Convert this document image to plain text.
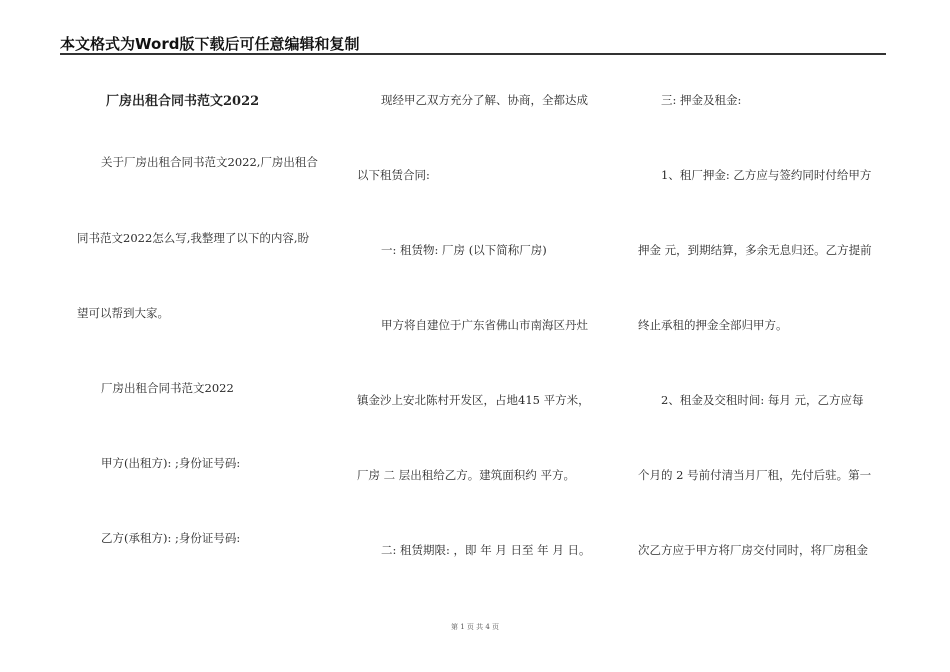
本文格式为Word版下载后可任意编辑和复制
厂房出租合同书范文2022
关于厂房出租合同书范文2022,厂房出租合
同书范文2022怎么写,我整理了以下的内容,盼
望可以帮到大家。
厂房出租合同书范文2022
甲方(出租方): ;身份证号码:
乙方(承租方): ;身份证号码:
现经甲乙双方充分了解、协商，全都达成
以下租赁合同:
一: 租赁物: 厂房 (以下简称厂房)
甲方将自建位于广东省佛山市南海区丹灶
镇金沙上安北陈村开发区，占地415 平方米，
厂房 二 层出租给乙方。建筑面积约 平方。
二: 租赁期限: ，即 年 月 日至 年 月 日。
三: 押金及租金:
1、租厂押金: 乙方应与签约同时付给甲方
押金 元，到期结算，多余无息归还。乙方提前
终止承租的押金全部归甲方。
2、租金及交租时间: 每月 元，乙方应每
个月的 2 号前付清当月厂租，先付后驻。第一
次乙方应于甲方将厂房交付同时，将厂房租金
第 1 页 共 4 页
